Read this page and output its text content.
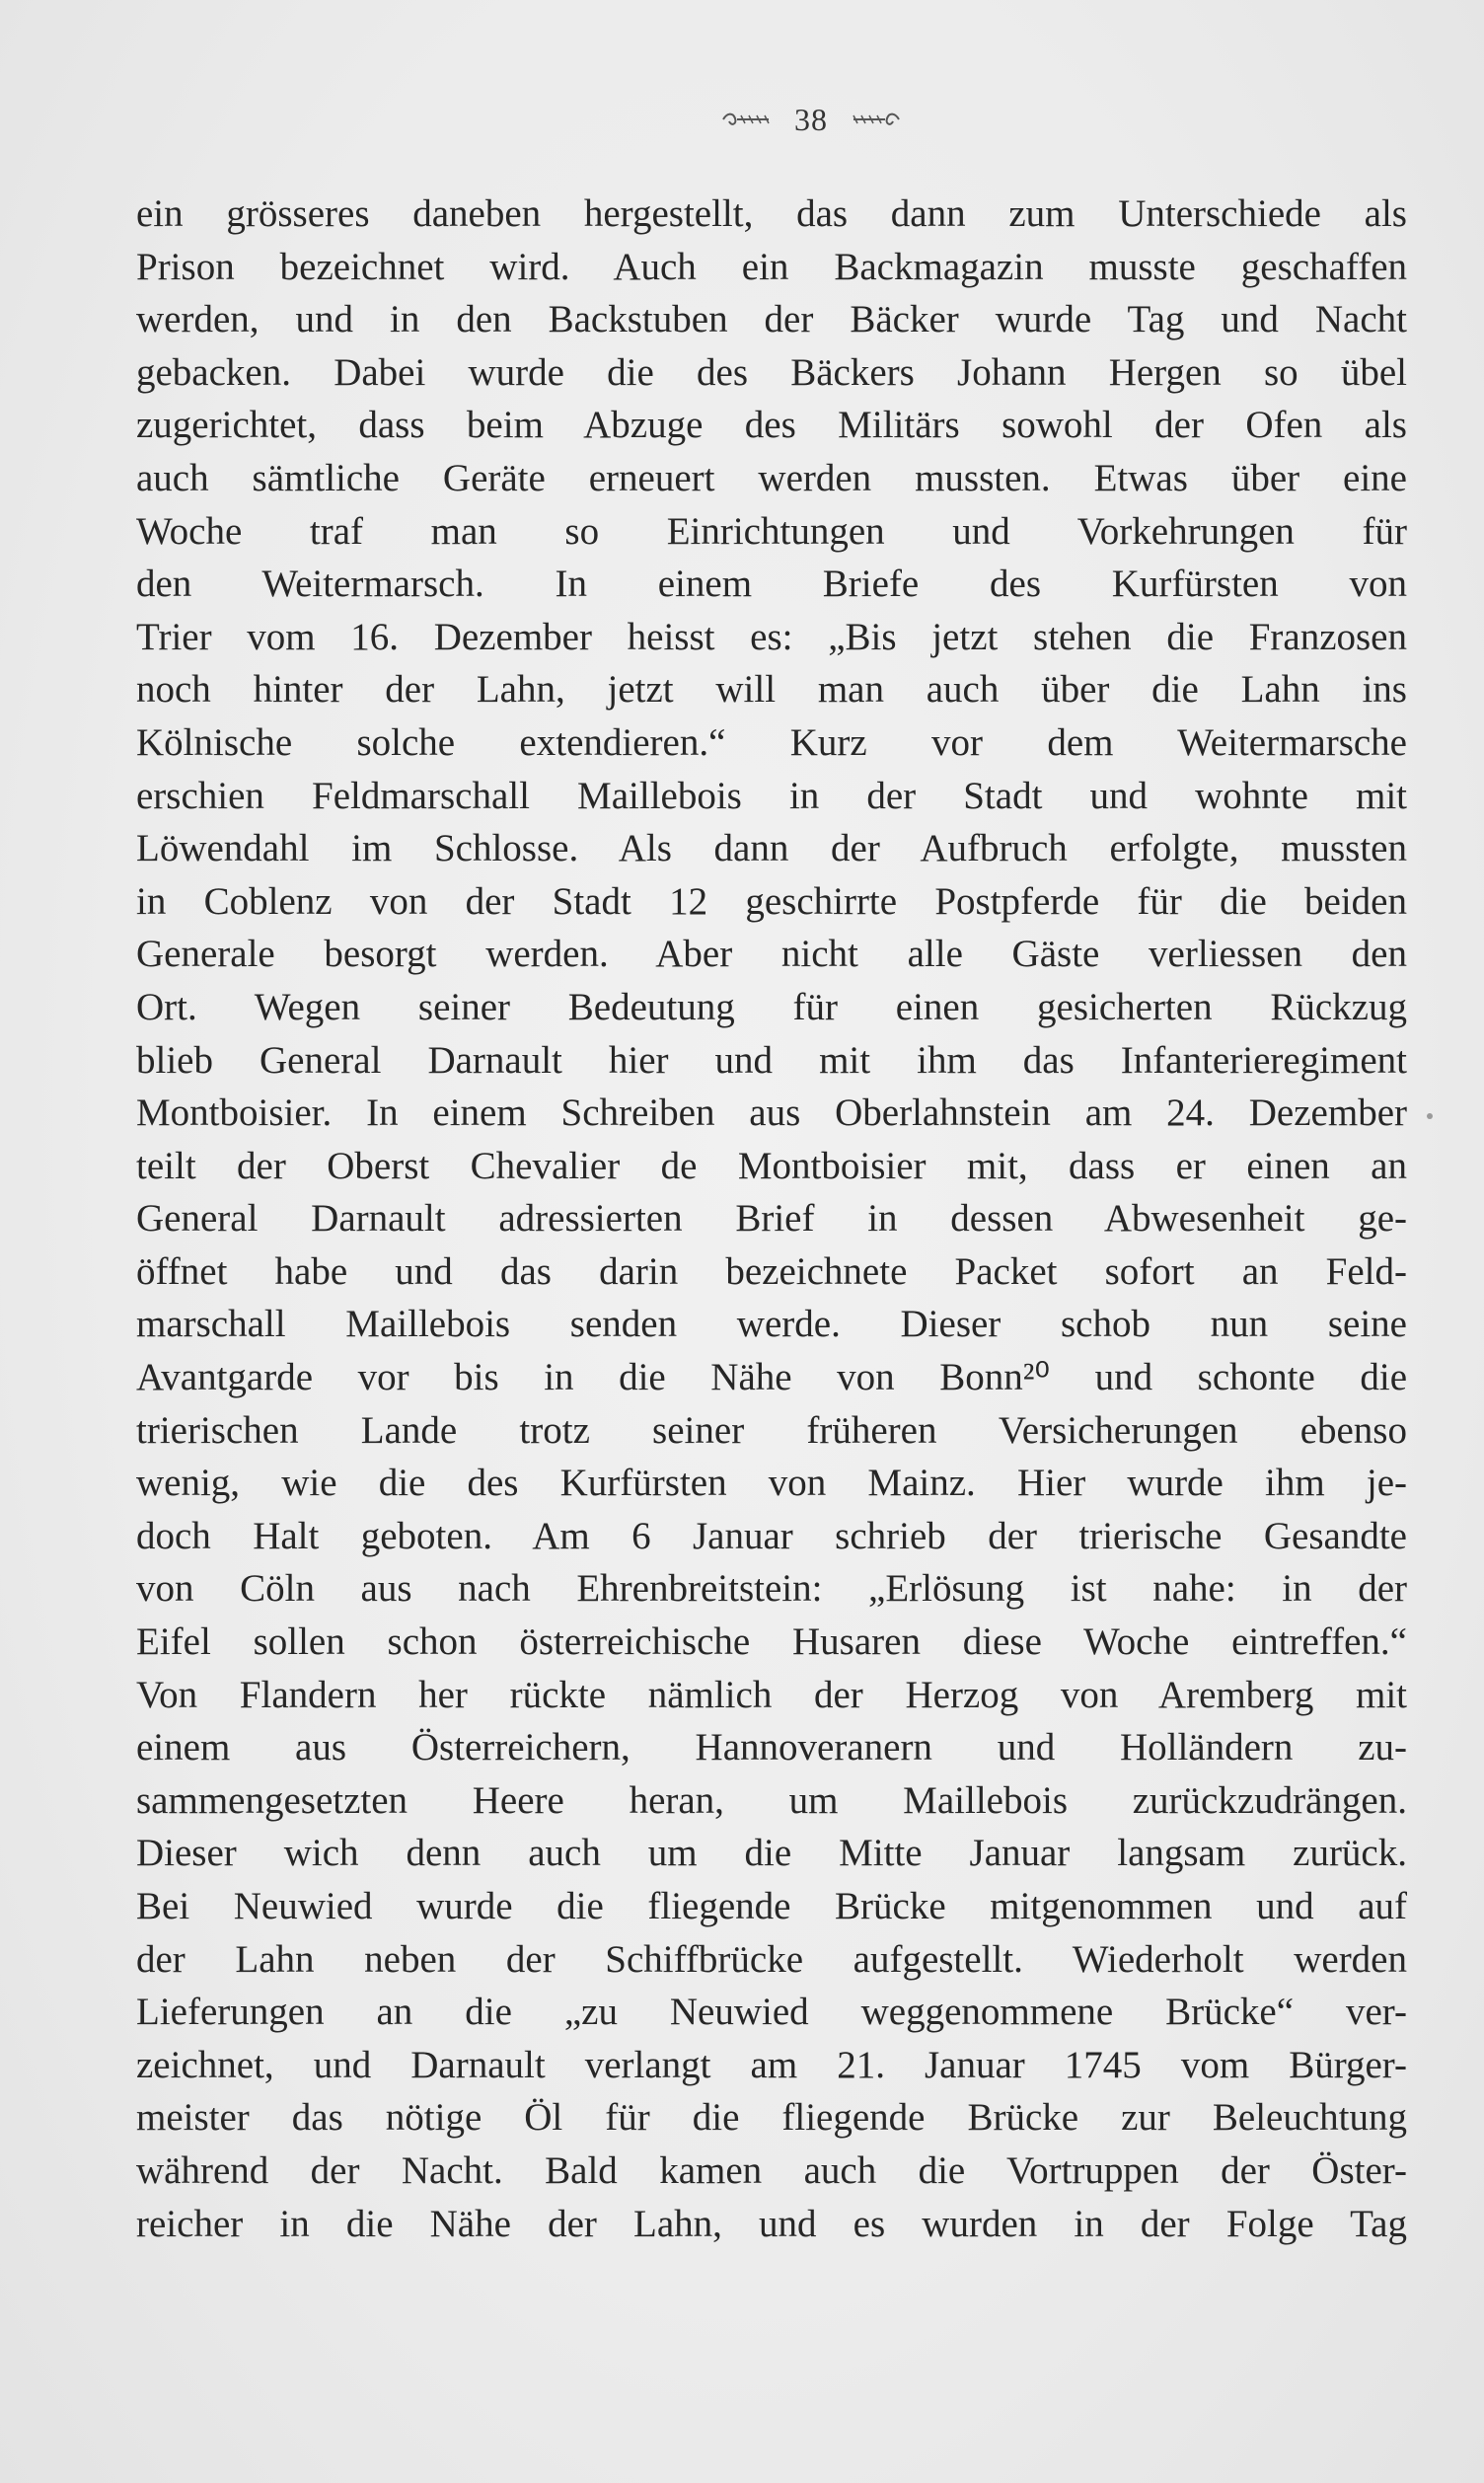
38
ein grösseres daneben hergestellt, das dann zum Unterschiede als
Prison bezeichnet wird. Auch ein Backmagazin musste geschaffen
werden, und in den Backstuben der Bäcker wurde Tag und Nacht
gebacken. Dabei wurde die des Bäckers Johann Hergen so übel
zugerichtet, dass beim Abzuge des Militärs sowohl der Ofen als
auch sämtliche Geräte erneuert werden mussten. Etwas über eine
Woche traf man so Einrichtungen und Vorkehrungen für
den Weitermarsch. In einem Briefe des Kurfürsten von
Trier vom 16. Dezember heisst es: „Bis jetzt stehen die Franzosen
noch hinter der Lahn, jetzt will man auch über die Lahn ins
Kölnische solche extendieren.“ Kurz vor dem Weitermarsche
erschien Feldmarschall Maillebois in der Stadt und wohnte mit
Löwendahl im Schlosse. Als dann der Aufbruch erfolgte, mussten
in Coblenz von der Stadt 12 geschirrte Postpferde für die beiden
Generale besorgt werden. Aber nicht alle Gäste verliessen den
Ort. Wegen seiner Bedeutung für einen gesicherten Rückzug
blieb General Darnault hier und mit ihm das Infanterieregiment
Montboisier. In einem Schreiben aus Oberlahnstein am 24. Dezember
teilt der Oberst Chevalier de Montboisier mit, dass er einen an
General Darnault adressierten Brief in dessen Abwesenheit ge-
öffnet habe und das darin bezeichnete Packet sofort an Feld-
marschall Maillebois senden werde. Dieser schob nun seine
Avantgarde vor bis in die Nähe von Bonn²⁰ und schonte die
trierischen Lande trotz seiner früheren Versicherungen ebenso
wenig, wie die des Kurfürsten von Mainz. Hier wurde ihm je-
doch Halt geboten. Am 6 Januar schrieb der trierische Gesandte
von Cöln aus nach Ehrenbreitstein: „Erlösung ist nahe: in der
Eifel sollen schon österreichische Husaren diese Woche eintreffen.“
Von Flandern her rückte nämlich der Herzog von Aremberg mit
einem aus Österreichern, Hannoveranern und Holländern zu-
sammengesetzten Heere heran, um Maillebois zurückzudrängen.
Dieser wich denn auch um die Mitte Januar langsam zurück.
Bei Neuwied wurde die fliegende Brücke mitgenommen und auf
der Lahn neben der Schiffbrücke aufgestellt. Wiederholt werden
Lieferungen an die „zu Neuwied weggenommene Brücke“ ver-
zeichnet, und Darnault verlangt am 21. Januar 1745 vom Bürger-
meister das nötige Öl für die fliegende Brücke zur Beleuchtung
während der Nacht. Bald kamen auch die Vortruppen der Öster-
reicher in die Nähe der Lahn, und es wurden in der Folge Tag
